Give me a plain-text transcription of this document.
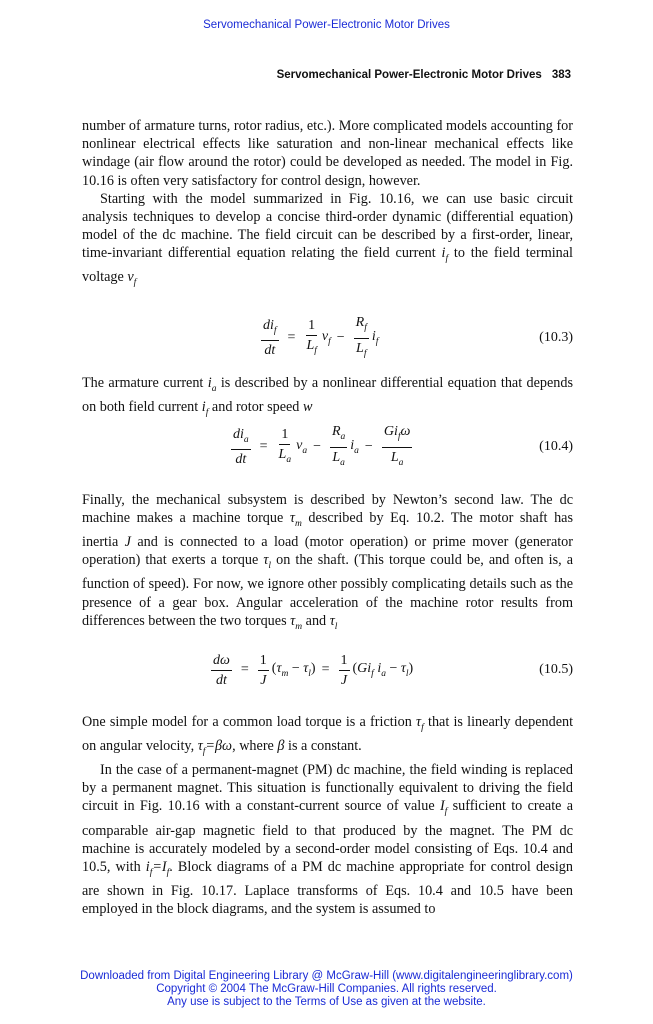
Servomechanical Power-Electronic Motor Drives
Servomechanical Power-Electronic Motor Drives 383

number of armature turns, rotor radius, etc.). More complicated models accounting for nonlinear electrical effects like saturation and non-linear mechanical effects like windage (air flow around the rotor) could be developed as needed. The model in Fig. 10.16 is often very satisfactory for control design, however.

Starting with the model summarized in Fig. 10.16, we can use basic circuit analysis techniques to develop a concise third-order dynamic (differential equation) model of the dc machine. The field circuit can be described by a first-order, linear, time-invariant differential equation relating the field current $i_f$ to the field terminal voltage $v_f$

$\frac{di_f}{dt} = \frac{1}{L_f} v_f - \frac{R_f}{L_f} i_f$	(10.3)

The armature current $i_a$ is described by a nonlinear differential equation that depends on both field current $i_f$ and rotor speed w

$\frac{di_a}{dt} = \frac{1}{L_a} v_a - \frac{R_a}{L_a} i_a - \frac{Gi_f\omega}{L_a}$	(10.4)

Finally, the mechanical subsystem is described by Newton’s second law. The dc machine makes a machine torque $\tau_m$ described by Eq. 10.2. The motor shaft has inertia J and is connected to a load (motor operation) or prime mover (generator operation) that exerts a torque $\tau_l$ on the shaft. (This torque could be, and often is, a function of speed). For now, we ignore other possibly complicating details such as the presence of a gear box. Angular acceleration of the machine rotor results from differences between the two torques $\tau_m$ and $\tau_l$

$\frac{d\omega}{dt} = \frac{1}{J} (\tau_m - \tau_l) = \frac{1}{J} (Gi_f$ $i_a - \tau_l$)	(10.5)

One simple model for a common load torque is a friction $\tau_f$ that is linearly dependent on angular velocity, $\tau_f=\beta\omega$, where β is a constant.

In the case of a permanent-magnet (PM) dc machine, the field winding is replaced by a permanent magnet. This situation is functionally equivalent to driving the field circuit in Fig. 10.16 with a constant-current source of value $I_f$ sufficient to create a comparable air-gap magnetic field to that produced by the magnet. The PM dc machine is accurately modeled by a second-order model consisting of Eqs. 10.4 and 10.5, with $i_f=I_f$. Block diagrams of a PM dc machine appropriate for control design are shown in Fig. 10.17. Laplace transforms of Eqs. 10.4 and 10.5 have been employed in the block diagrams, and the system is assumed to

Downloaded from Digital Engineering Library @ McGraw-Hill (www.digitalengineeringlibrary.com)
Copyright © 2004 The McGraw-Hill Companies. All rights reserved.
Any use is subject to the Terms of Use as given at the website.
